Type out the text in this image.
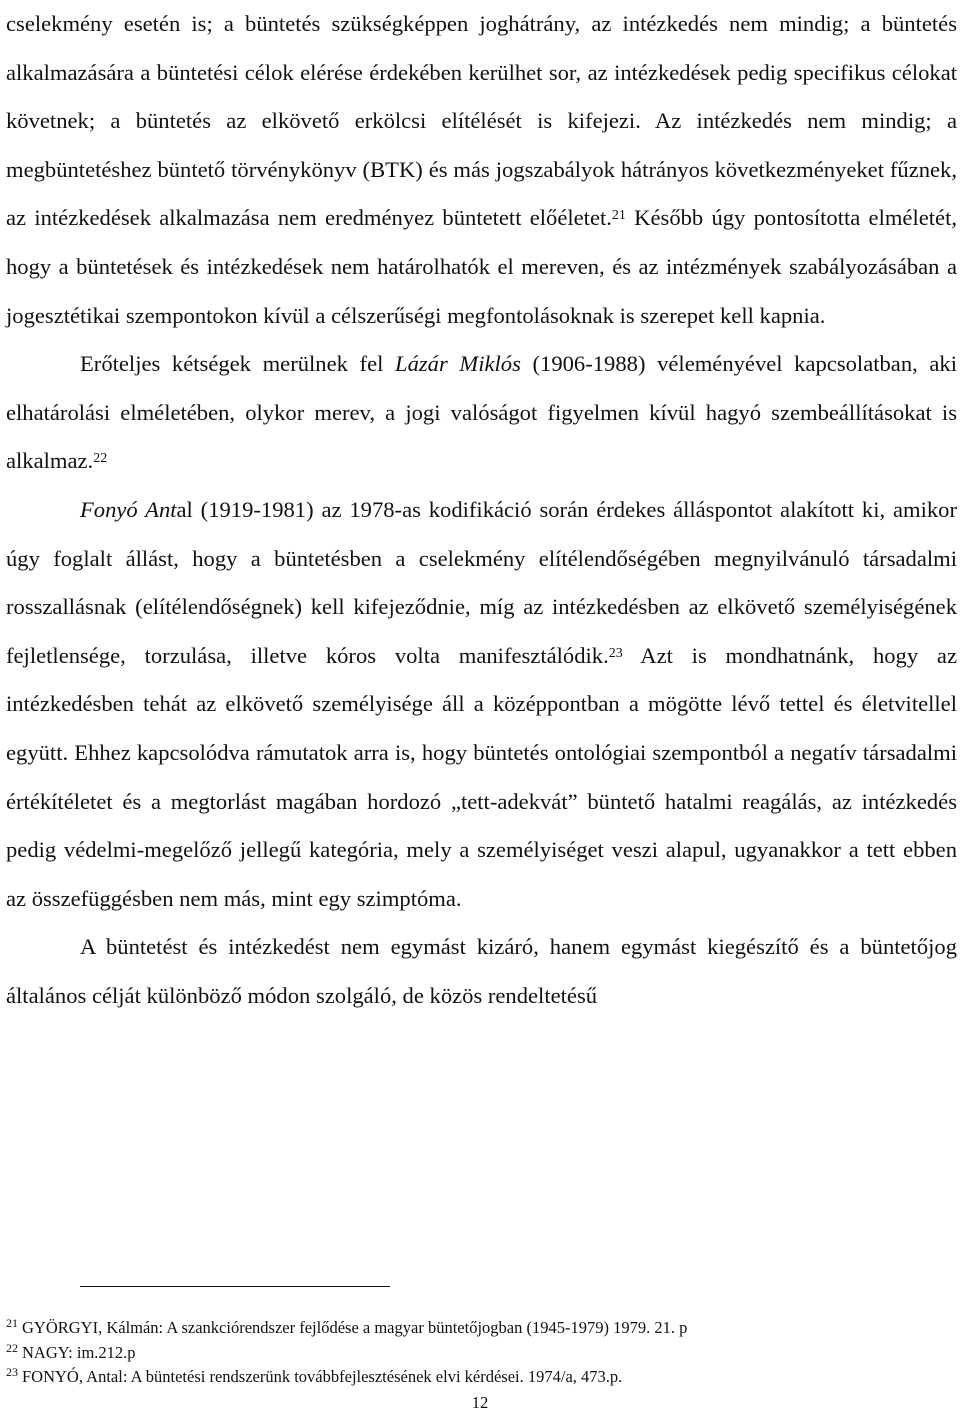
cselekmény esetén is; a büntetés szükségképpen joghátrány, az intézkedés nem mindig; a büntetés alkalmazására a büntetési célok elérése érdekében kerülhet sor, az intézkedések pedig specifikus célokat követnek; a büntetés az elkövető erkölcsi elítélését is kifejezi. Az intézkedés nem mindig; a megbüntetéshez büntető törvénykönyv (BTK) és más jogszabályok hátrányos következményeket fűznek, az intézkedések alkalmazása nem eredményez büntetett előéletet.$^{21}$ Később úgy pontosította elméletét, hogy a büntetések és intézkedések nem határolhatók el mereven, és az intézmények szabályozásában a jogesztétikai szempontokon kívül a célszerűségi megfontolásoknak is szerepet kell kapnia.

Erőteljes kétségek merülnek fel Lázár Miklós (1906-1988) véleményével kapcsolatban, aki elhatárolási elméletében, olykor merev, a jogi valóságot figyelmen kívül hagyó szembeállításokat is alkalmaz.$^{22}$

Fonyó Antal (1919-1981) az 1978-as kodifikáció során érdekes álláspontot alakított ki, amikor úgy foglalt állást, hogy a büntetésben a cselekmény elítélendőségében megnyilvánuló társadalmi rosszallásnak (elítélendőségnek) kell kifejeződnie, míg az intézkedésben az elkövető személyiségének fejletlensége, torzulása, illetve kóros volta manifesztálódik.$^{23}$ Azt is mondhatnánk, hogy az intézkedésben tehát az elkövető személyisége áll a középpontban a mögötte lévő tettel és életvitellel együtt. Ehhez kapcsolódva rámutatok arra is, hogy büntetés ontológiai szempontból a negatív társadalmi értékítéletet és a megtorlást magában hordozó „tett-adekvát” büntető hatalmi reagálás, az intézkedés pedig védelmi-megelőző jellegű kategória, mely a személyiséget veszi alapul, ugyanakkor a tett ebben az összefüggésben nem más, mint egy szimptóma.

A büntetést és intézkedést nem egymást kizáró, hanem egymást kiegészítő és a büntetőjog általános célját különböző módon szolgáló, de közös rendeltetésű

$^{21}$ GYÖRGYI, Kálmán: A szankciórendszer fejlődése a magyar büntetőjogban (1945-1979) 1979. 21. p
$^{22}$ NAGY: im.212.p
$^{23}$ FONYÓ, Antal: A büntetési rendszerünk továbbfejlesztésének elvi kérdései. 1974/a, 473.p.
12
